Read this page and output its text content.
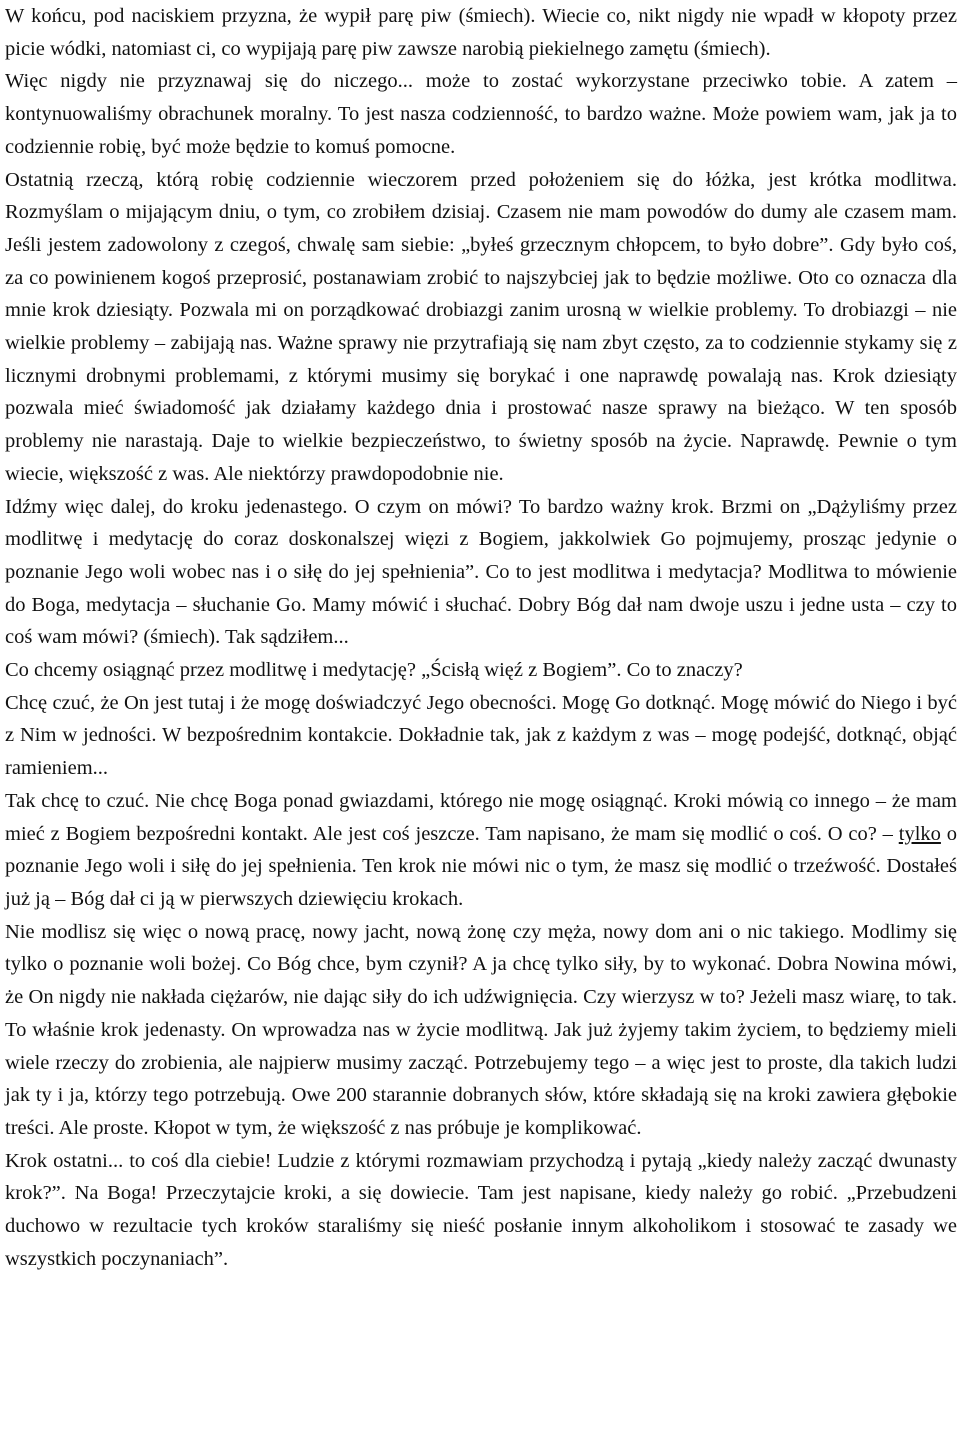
W końcu, pod naciskiem przyzna, że wypił parę piw (śmiech). Wiecie co, nikt nigdy nie wpadł w kłopoty przez picie wódki, natomiast ci, co wypijają parę piw zawsze narobią piekielnego zamętu (śmiech).

Więc nigdy nie przyznawaj się do niczego... może to zostać wykorzystane przeciwko tobie. A zatem – kontynuowaliśmy obrachunek moralny. To jest nasza codzienność, to bardzo ważne. Może powiem wam, jak ja to codziennie robię, być może będzie to komuś pomocne.

Ostatnią rzeczą, którą robię codziennie wieczorem przed położeniem się do łóżka, jest krótka modlitwa. Rozmyślam o mijającym dniu, o tym, co zrobiłem dzisiaj. Czasem nie mam powodów do dumy ale czasem mam. Jeśli jestem zadowolony z czegoś, chwalę sam siebie: „byłeś grzecznym chłopcem, to było dobre”. Gdy było coś, za co powinienem kogoś przeprosić, postanawiam zrobić to najszybciej jak to będzie możliwe. Oto co oznacza dla mnie krok dziesiąty. Pozwala mi on porządkować drobiazgi zanim urosną w wielkie problemy. To drobiazgi – nie wielkie problemy – zabijają nas. Ważne sprawy nie przytrafiają się nam zbyt często, za to codziennie stykamy się z licznymi drobnymi problemami, z którymi musimy się borykać i one naprawdę powalają nas. Krok dziesiąty pozwala mieć świadomość jak działamy każdego dnia i prostować nasze sprawy na bieżąco. W ten sposób problemy nie narastają. Daje to wielkie bezpieczeństwo, to świetny sposób na życie. Naprawdę. Pewnie o tym wiecie, większość z was. Ale niektórzy prawdopodobnie nie.

Idźmy więc dalej, do kroku jedenastego. O czym on mówi? To bardzo ważny krok. Brzmi on „Dążyliśmy przez modlitwę i medytację do coraz doskonalszej więzi z Bogiem, jakkolwiek Go pojmujemy, prosząc jedynie o poznanie Jego woli wobec nas i o siłę do jej spełnienia”. Co to jest modlitwa i medytacja? Modlitwa to mówienie do Boga, medytacja – słuchanie Go. Mamy mówić i słuchać. Dobry Bóg dał nam dwoje uszu i jedne usta – czy to coś wam mówi? (śmiech). Tak sądziłem...

Co chcemy osiągnąć przez modlitwę i medytację? „Ścisłą więź z Bogiem”. Co to znaczy?

Chcę czuć, że On jest tutaj i że mogę doświadczyć Jego obecności. Mogę Go dotknąć. Mogę mówić do Niego i być z Nim w jedności. W bezpośrednim kontakcie. Dokładnie tak, jak z każdym z was – mogę podejść, dotknąć, objąć ramieniem...

Tak chcę to czuć. Nie chcę Boga ponad gwiazdami, którego nie mogę osiągnąć. Kroki mówią co innego – że mam mieć z Bogiem bezpośredni kontakt. Ale jest coś jeszcze. Tam napisano, że mam się modlić o coś. O co? – tylko o poznanie Jego woli i siłę do jej spełnienia. Ten krok nie mówi nic o tym, że masz się modlić o trzeźwość. Dostałeś już ją – Bóg dał ci ją w pierwszych dziewięciu krokach.

Nie modlisz się więc o nową pracę, nowy jacht, nową żonę czy męża, nowy dom ani o nic takiego. Modlimy się tylko o poznanie woli bożej. Co Bóg chce, bym czynił? A ja chcę tylko siły, by to wykonać. Dobra Nowina mówi, że On nigdy nie nakłada ciężarów, nie dając siły do ich udźwignięcia. Czy wierzysz w to? Jeżeli masz wiarę, to tak. To właśnie krok jedenasty. On wprowadza nas w życie modlitwą. Jak już żyjemy takim życiem, to będziemy mieli wiele rzeczy do zrobienia, ale najpierw musimy zacząć. Potrzebujemy tego – a więc jest to proste, dla takich ludzi jak ty i ja, którzy tego potrzebują. Owe 200 starannie dobranych słów, które składają się na kroki zawiera głębokie treści. Ale proste. Kłopot w tym, że większość z nas próbuje je komplikować.

Krok ostatni... to coś dla ciebie! Ludzie z którymi rozmawiam przychodzą i pytają „kiedy należy zacząć dwunasty krok?”. Na Boga! Przeczytajcie kroki, a się dowiecie. Tam jest napisane, kiedy należy go robić. „Przebudzeni duchowo w rezultacie tych kroków staraliśmy się nieść posłanie innym alkoholikom i stosować te zasady we wszystkich poczynaniach”.
